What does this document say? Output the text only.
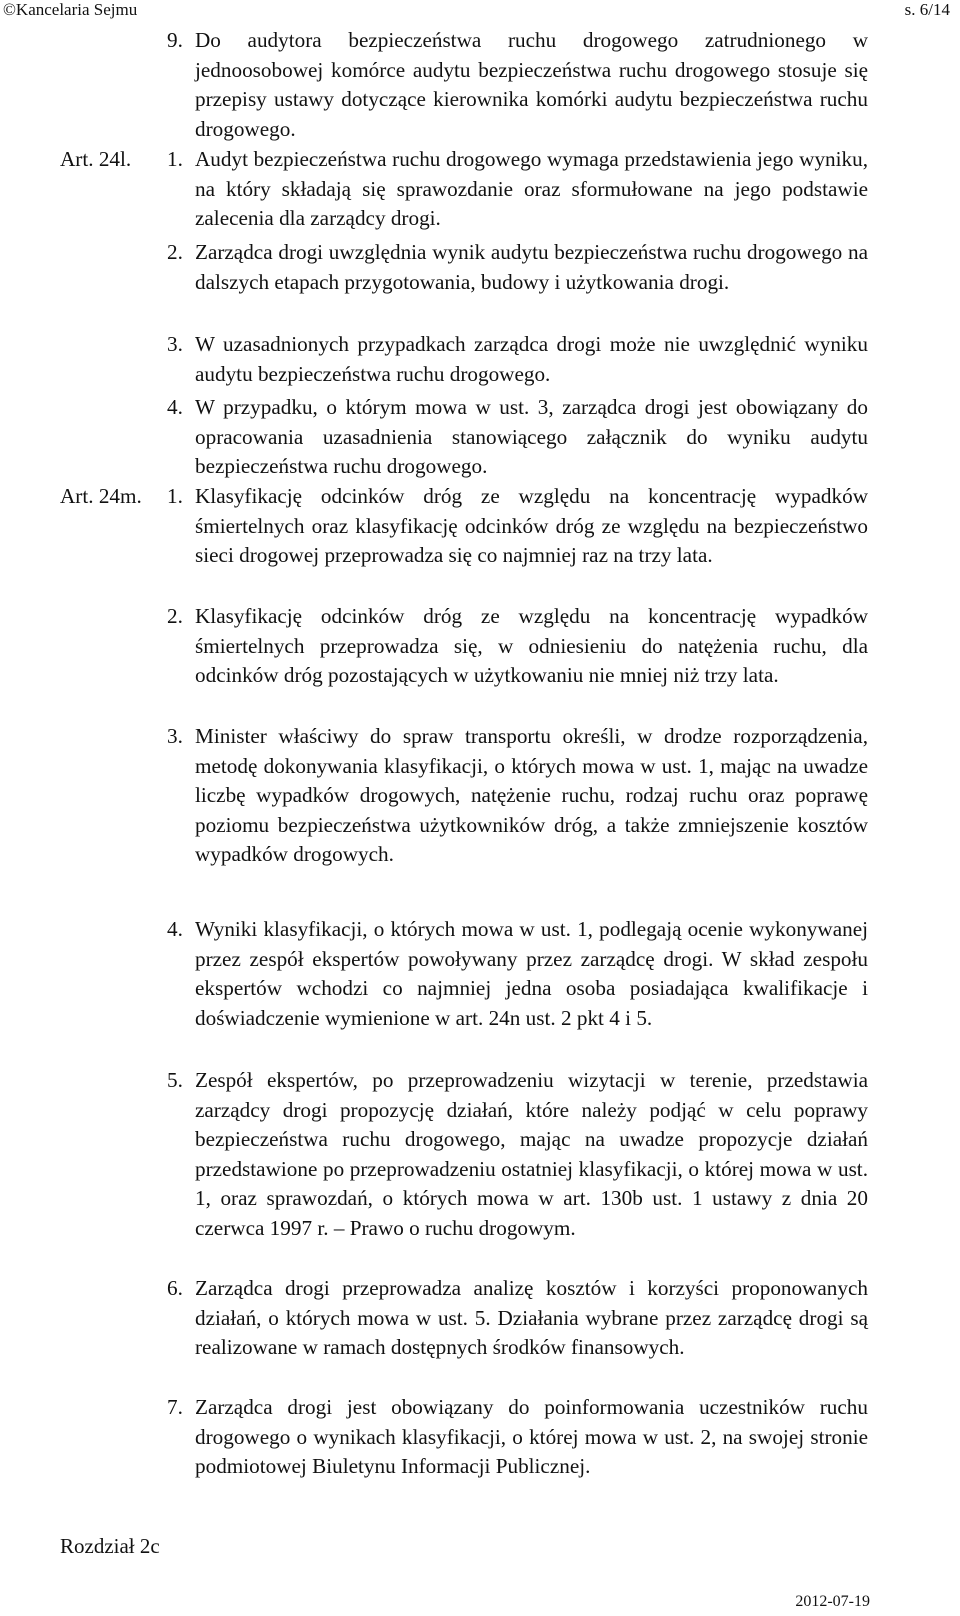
©Kancelaria Sejmu	s. 6/14
9. Do audytora bezpieczeństwa ruchu drogowego zatrudnionego w jednoosobowej komórce audytu bezpieczeństwa ruchu drogowego stosuje się przepisy ustawy dotyczące kierownika komórki audytu bezpieczeństwa ruchu drogowego.
Art. 24l. 1. Audyt bezpieczeństwa ruchu drogowego wymaga przedstawienia jego wyniku, na który składają się sprawozdanie oraz sformułowane na jego podstawie zalecenia dla zarządcy drogi.
2. Zarządca drogi uwzględnia wynik audytu bezpieczeństwa ruchu drogowego na dalszych etapach przygotowania, budowy i użytkowania drogi.
3. W uzasadnionych przypadkach zarządca drogi może nie uwzględnić wyniku audytu bezpieczeństwa ruchu drogowego.
4. W przypadku, o którym mowa w ust. 3, zarządca drogi jest obowiązany do opracowania uzasadnienia stanowiącego załącznik do wyniku audytu bezpieczeństwa ruchu drogowego.
Art. 24m. 1. Klasyfikację odcinków dróg ze względu na koncentrację wypadków śmiertelnych oraz klasyfikację odcinków dróg ze względu na bezpieczeństwo sieci drogowej przeprowadza się co najmniej raz na trzy lata.
2. Klasyfikację odcinków dróg ze względu na koncentrację wypadków śmiertelnych przeprowadza się, w odniesieniu do natężenia ruchu, dla odcinków dróg pozostających w użytkowaniu nie mniej niż trzy lata.
3. Minister właściwy do spraw transportu określi, w drodze rozporządzenia, metodę dokonywania klasyfikacji, o których mowa w ust. 1, mając na uwadze liczbę wypadków drogowych, natężenie ruchu, rodzaj ruchu oraz poprawę poziomu bezpieczeństwa użytkowników dróg, a także zmniejszenie kosztów wypadków drogowych.
4. Wyniki klasyfikacji, o których mowa w ust. 1, podlegają ocenie wykonywanej przez zespół ekspertów powoływany przez zarządcę drogi. W skład zespołu ekspertów wchodzi co najmniej jedna osoba posiadająca kwalifikacje i doświadczenie wymienione w art. 24n ust. 2 pkt 4 i 5.
5. Zespół ekspertów, po przeprowadzeniu wizytacji w terenie, przedstawia zarządcy drogi propozycję działań, które należy podjąć w celu poprawy bezpieczeństwa ruchu drogowego, mając na uwadze propozycje działań przedstawione po przeprowadzeniu ostatniej klasyfikacji, o której mowa w ust. 1, oraz sprawozdań, o których mowa w art. 130b ust. 1 ustawy z dnia 20 czerwca 1997 r. – Prawo o ruchu drogowym.
6. Zarządca drogi przeprowadza analizę kosztów i korzyści proponowanych działań, o których mowa w ust. 5. Działania wybrane przez zarządcę drogi są realizowane w ramach dostępnych środków finansowych.
7. Zarządca drogi jest obowiązany do poinformowania uczestników ruchu drogowego o wynikach klasyfikacji, o której mowa w ust. 2, na swojej stronie podmiotowej Biuletynu Informacji Publicznej.
Rozdział 2c
2012-07-19
